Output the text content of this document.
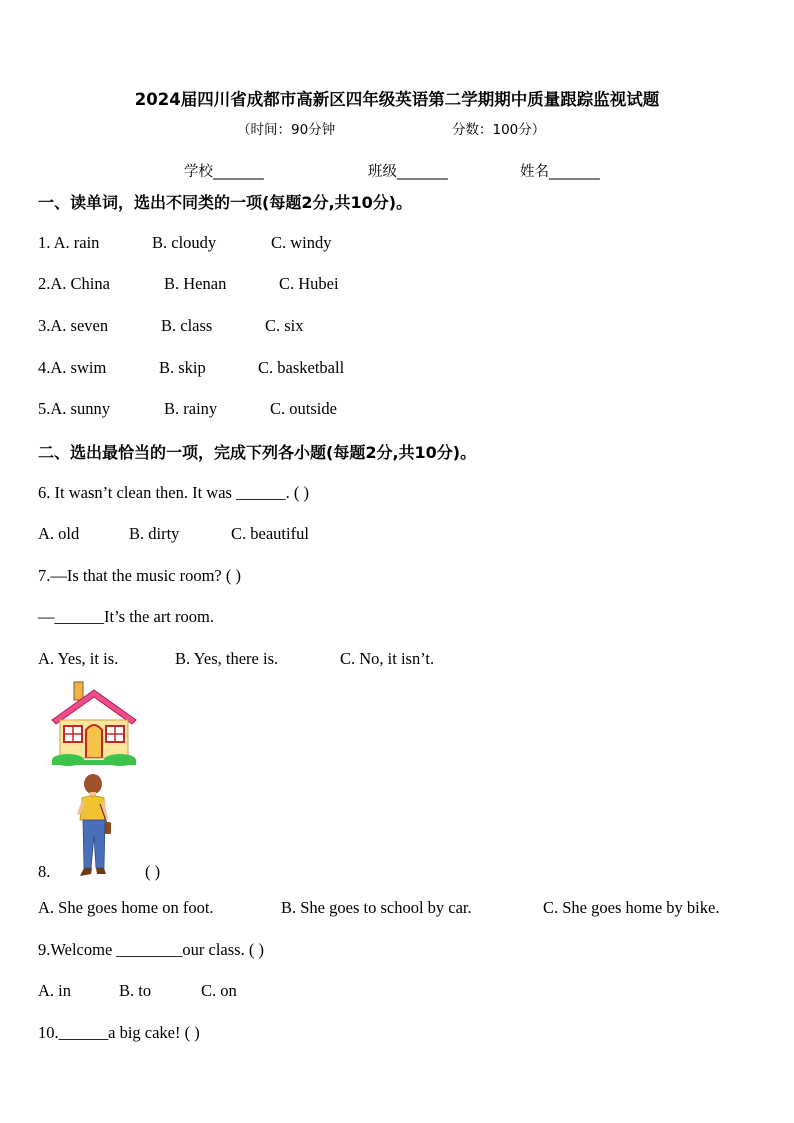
2024届四川省成都市高新区四年级英语第二学期期中质量跟踪监视试题
（时间：90分钟	分数：100分）
学校_______	班级_______	姓名_______
一、读单词，选出不同类的一项(每题2分,共10分)。
1. A. rain	B. cloudy	C. windy
2.A. China	B. Henan	C. Hubei
3.A. seven	B. class	C. six
4.A. swim	B. skip	C. basketball
5.A. sunny	B. rainy	C. outside
二、选出最恰当的一项，完成下列各小题(每题2分,共10分)。
6. It wasn’t clean then. It was ______. ( )
A. old	B. dirty	C. beautiful
7.—Is that the music room? ( )
—______It’s the art room.
A. Yes, it is.	B. Yes, there is.	C. No, it isn’t.
8.	( )
A. She goes home on foot.	B. She goes to school by car.	C. She goes home by bike.
9.Welcome ________our class. ( )
A. in	B. to	C. on
10.______a big cake! ( )
